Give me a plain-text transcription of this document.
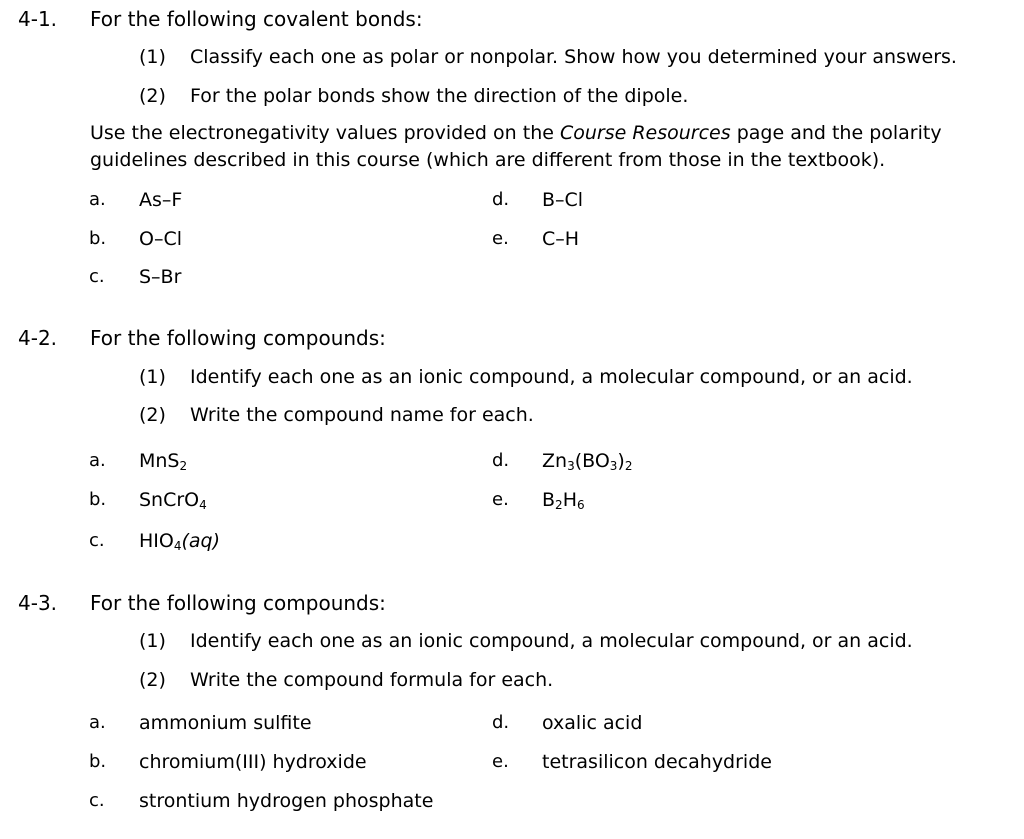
4-1. For the following covalent bonds:
(1) Classify each one as polar or nonpolar. Show how you determined your answers.
(2) For the polar bonds show the direction of the dipole.
Use the electronegativity values provided on the Course Resources page and the polarity guidelines described in this course (which are different from those in the textbook).
a. As–F
b. O–Cl
c. S–Br
d. B–Cl
e. C–H
4-2. For the following compounds:
(1) Identify each one as an ionic compound, a molecular compound, or an acid.
(2) Write the compound name for each.
a. MnS$_2$
b. SnCrO$_4$
c. $HIO_4(aq)$
d. $Zn_3(BO_3)_2$
e. $B_2H_6$
4-3. For the following compounds:
(1) Identify each one as an ionic compound, a molecular compound, or an acid.
(2) Write the compound formula for each.
a. ammonium sulfite
b. chromium(III) hydroxide
c. strontium hydrogen phosphate
d. oxalic acid
e. tetrasilicon decahydride
